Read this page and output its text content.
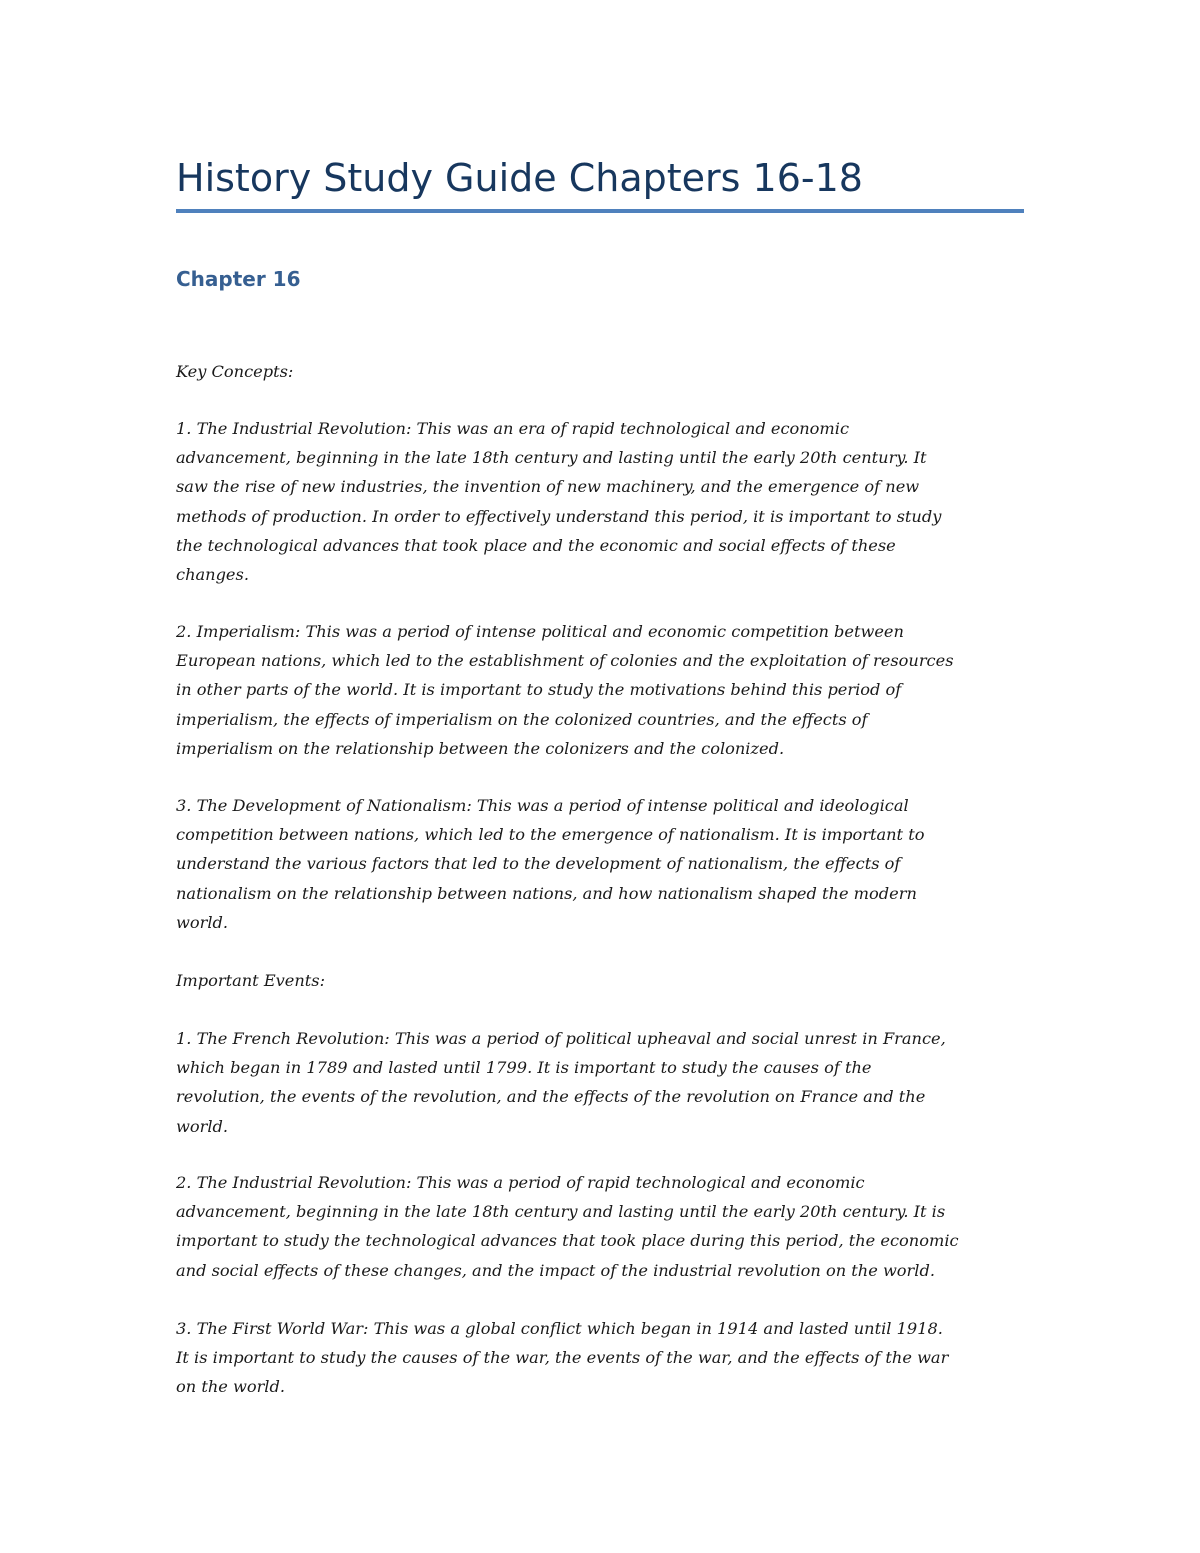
History Study Guide Chapters 16-18
Chapter 16

Key Concepts:

1. The Industrial Revolution: This was an era of rapid technological and economic
advancement, beginning in the late 18th century and lasting until the early 20th century. It
saw the rise of new industries, the invention of new machinery, and the emergence of new
methods of production. In order to effectively understand this period, it is important to study
the technological advances that took place and the economic and social effects of these
changes.

2. Imperialism: This was a period of intense political and economic competition between
European nations, which led to the establishment of colonies and the exploitation of resources
in other parts of the world. It is important to study the motivations behind this period of
imperialism, the effects of imperialism on the colonized countries, and the effects of
imperialism on the relationship between the colonizers and the colonized.

3. The Development of Nationalism: This was a period of intense political and ideological
competition between nations, which led to the emergence of nationalism. It is important to
understand the various factors that led to the development of nationalism, the effects of
nationalism on the relationship between nations, and how nationalism shaped the modern
world.

Important Events:

1. The French Revolution: This was a period of political upheaval and social unrest in France,
which began in 1789 and lasted until 1799. It is important to study the causes of the
revolution, the events of the revolution, and the effects of the revolution on France and the
world.

2. The Industrial Revolution: This was a period of rapid technological and economic
advancement, beginning in the late 18th century and lasting until the early 20th century. It is
important to study the technological advances that took place during this period, the economic
and social effects of these changes, and the impact of the industrial revolution on the world.

3. The First World War: This was a global conflict which began in 1914 and lasted until 1918.
It is important to study the causes of the war, the events of the war, and the effects of the war
on the world.
